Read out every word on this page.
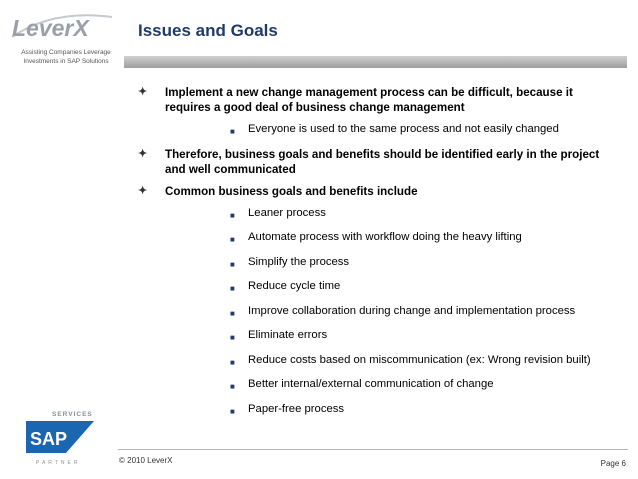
LeverX
Assisting Companies Leverage
Investments in SAP Solutions
Issues and Goals
✦	Implement a new change management process can be difficult, because it requires a good deal of business change management
■	Everyone is used to the same process and not easily changed
✦	Therefore, business goals and benefits should be identified early in the project and well communicated
✦	Common business goals and benefits include
■	Leaner process
■	Automate process with workflow doing the heavy lifting
■	Simplify the process
■	Reduce cycle time
■	Improve collaboration during change and implementation process
■	Eliminate errors
■	Reduce costs based on miscommunication (ex: Wrong revision built)
■	Better internal/external communication of change
■	Paper-free process
SERVICES
SAP
PARTNER	© 2010 LeverX	Page 6
